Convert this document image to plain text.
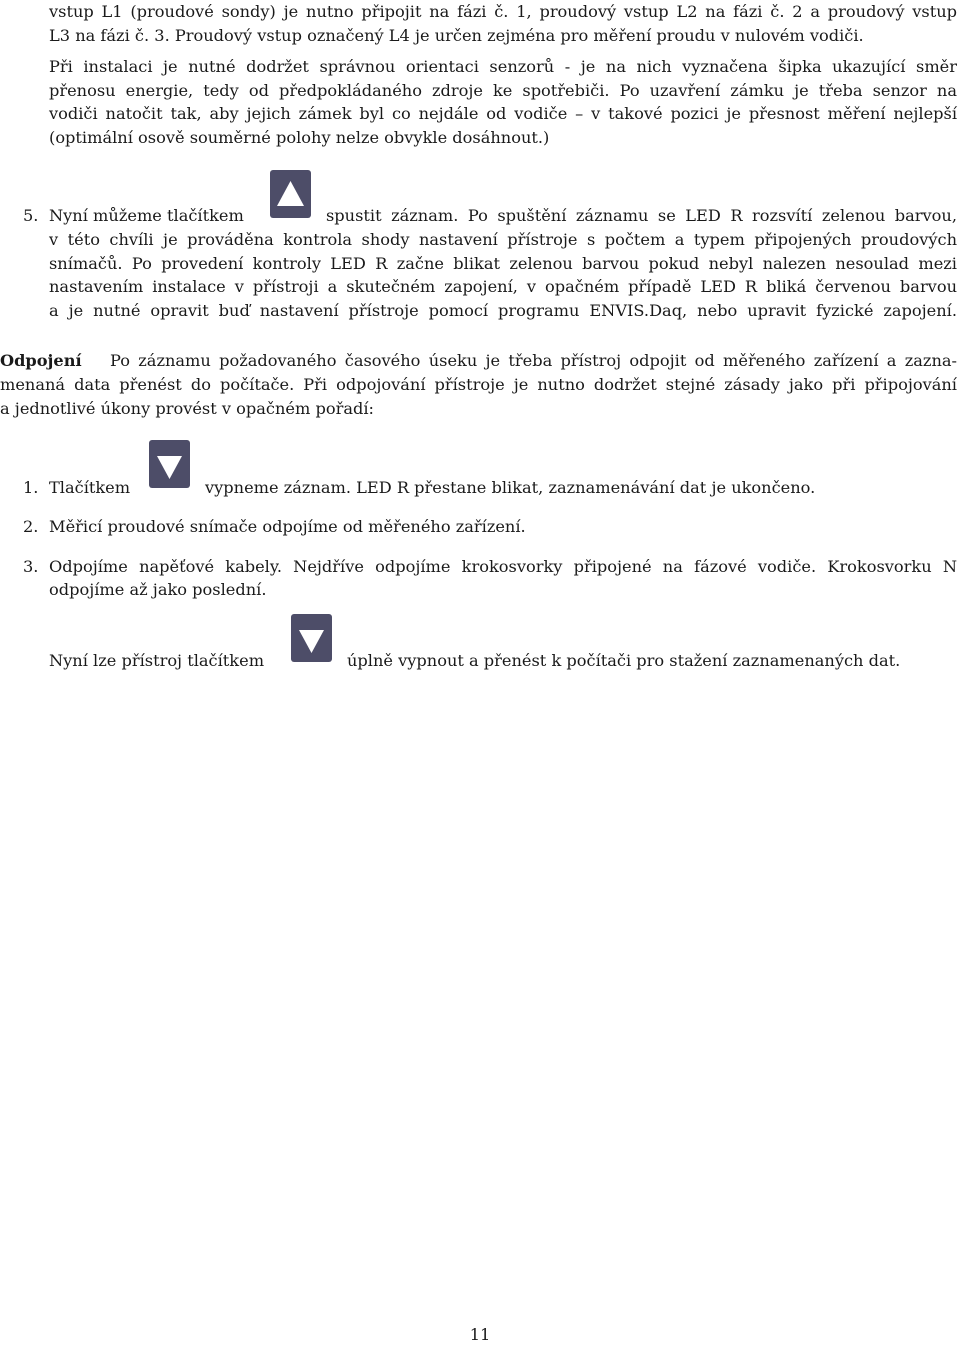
vstup L1 (proudové sondy) je nutno připojit na fázi č. 1, proudový vstup L2 na fázi č. 2 a proudový vstup

L3 na fázi č. 3. Proudový vstup označený L4 je určen zejména pro měření proudu v nulovém vodiči.

Při instalaci je nutné dodržet správnou orientaci senzorů - je na nich vyznačena šipka ukazující směr

přenosu energie, tedy od předpokládaného zdroje ke spotřebiči. Po uzavření zámku je třeba senzor na

vodiči natočit tak, aby jejich zámek byl co nejdále od vodiče – v takové pozici je přesnost měření nejlepší

(optimální osově souměrné polohy nelze obvykle dosáhnout.)

5. Nyní můžeme tlačítkem	spustit záznam. Po spuštění záznamu se LED R rozsvítí zelenou barvou,

v této chvíli je prováděna kontrola shody nastavení přístroje s počtem a typem připojených proudových

snímačů. Po provedení kontroly LED R začne blikat zelenou barvou pokud nebyl nalezen nesoulad mezi

nastavením instalace v přístroji a skutečném zapojení, v opačném případě LED R bliká červenou barvou

a je nutné opravit buď nastavení přístroje pomocí programu ENVIS.Daq, nebo upravit fyzické zapojení.

Odpojení Po záznamu požadovaného časového úseku je třeba přístroj odpojit od měřeného zařízení a zazna-

menaná data přenést do počítače. Při odpojování přístroje je nutno dodržet stejné zásady jako při připojování

a jednotlivé úkony provést v opačném pořadí:

1. Tlačítkem	vypneme záznam. LED R přestane blikat, zaznamenávání dat je ukončeno.
2. Měřicí proudové snímače odpojíme od měřeného zařízení.
3. Odpojíme napěťové kabely. Nejdříve odpojíme krokosvorky připojené na fázové vodiče. Krokosvorku N

odpojíme až jako poslední.

Nyní lze přístroj tlačítkem	úplně vypnout a přenést k počítači pro stažení zaznamenaných dat.
11
